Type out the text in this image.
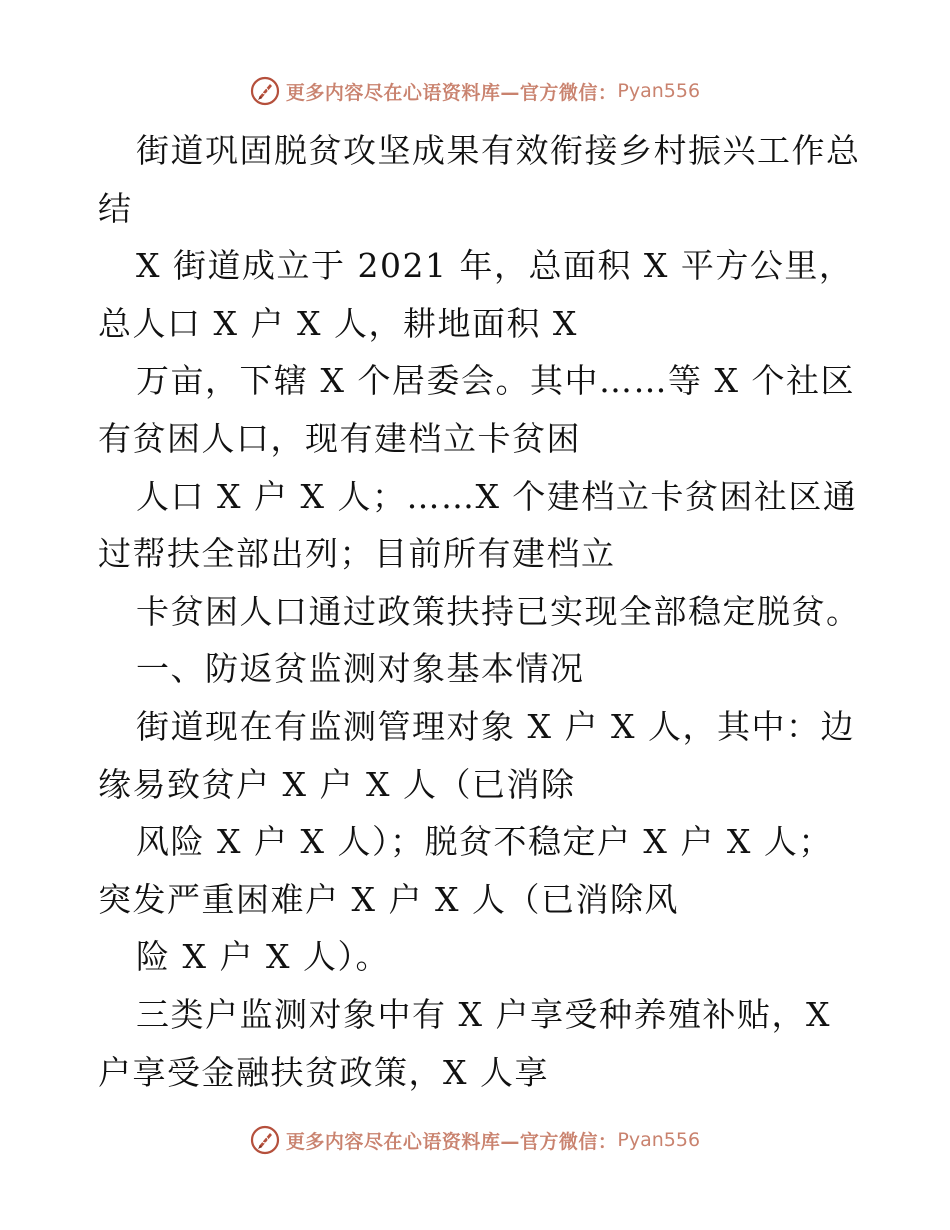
更多内容尽在心语资料库—官方微信： Pyan556
街道巩固脱贫攻坚成果有效衔接乡村振兴工作总
结
X 街道成立于 2021 年，总面积 X 平方公里，
总人口 X 户 X 人，耕地面积 X
万亩，下辖 X 个居委会。其中……等 X 个社区
有贫困人口，现有建档立卡贫困
人口 X 户 X 人；……X 个建档立卡贫困社区通
过帮扶全部出列；目前所有建档立
卡贫困人口通过政策扶持已实现全部稳定脱贫。
一、防返贫监测对象基本情况
街道现在有监测管理对象 X 户 X 人，其中：边
缘易致贫户 X 户 X 人（已消除
风险 X 户 X 人）；脱贫不稳定户 X 户 X 人；
突发严重困难户 X 户 X 人（已消除风
险 X 户 X 人）。
三类户监测对象中有 X 户享受种养殖补贴，X
户享受金融扶贫政策，X 人享
更多内容尽在心语资料库—官方微信： Pyan556
